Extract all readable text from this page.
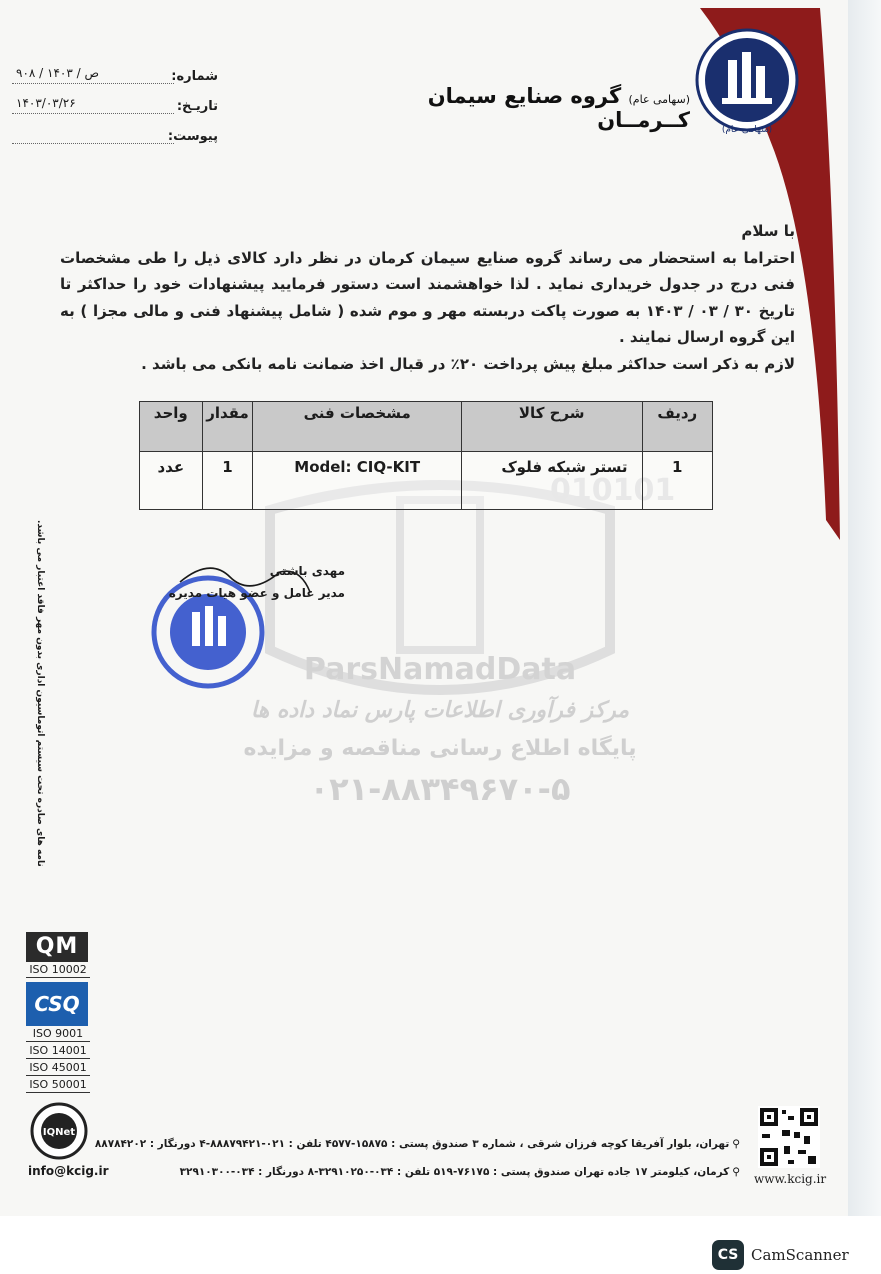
(سهامی عام)
(سهامی عام) گروه صنایع سیمان کــرمــان
شماره:
۹۰۸ / ص / ۱۴۰۳
تاریـخ:
۱۴۰۳/۰۳/۲۶
پیوست:

با سلام

احتراما به استحضار می رساند گروه صنایع سیمان کرمان در نظر دارد کالای ذیل را طی مشخصات فنی درج در جدول خریداری نماید . لذا خواهشمند است دستور فرمایید پیشنهادات خود را حداکثر تا تاریخ ۳۰ / ۰۳ / ۱۴۰۳ به صورت پاکت دربسته مهر و موم شده ( شامل پیشنهاد فنی و مالی مجزا ) به این گروه ارسال نمایند .

لازم به ذکر است حداکثر مبلغ پیش پرداخت ۲۰٪ در قبال اخذ ضمانت نامه بانکی می باشد .

010101
ParsNamadData
مرکز فرآوری اطلاعات پارس نماد داده ها
پایگاه اطلاع رسانی مناقصه و مزایده
۰۲۱-۸۸۳۴۹۶۷۰-۵
ردیف	شرح کالا	مشخصات فنی	مقدار	واحد
1	تستر شبکه فلوک	Model: CIQ-KIT	1	عدد
مهدی باشتی
مدیر عامل و عضو هیات مدیره
نامه های صادره تحت سیستم اتوماسیون اداری بدون مهر فاقد اعتبار می باشد.
QM
ISO 10002
CSQ
ISO 9001
ISO 14001
ISO 45001
ISO 50001
IQNet
info@kcig.ir
⚲تهران، بلوار آفریقا کوچه فرزان شرقی ، شماره ۳ صندوق پستی : ۱۵۸۷۵-۴۵۷۷ تلفن : ۰۲۱-۸۸۸۷۹۴۲۱-۴ دورنگار : ۸۸۷۸۴۲۰۲
⚲کرمان، کیلومتر ۱۷ جاده تهران صندوق پستی : ۷۶۱۷۵-۵۱۹ تلفن : ۰۳۴-۳۲۹۱۰۲۵۰-۸ دورنگار : ۰۳۴-۳۲۹۱۰۳۰۰	www.kcig.ir
CS CamScanner
